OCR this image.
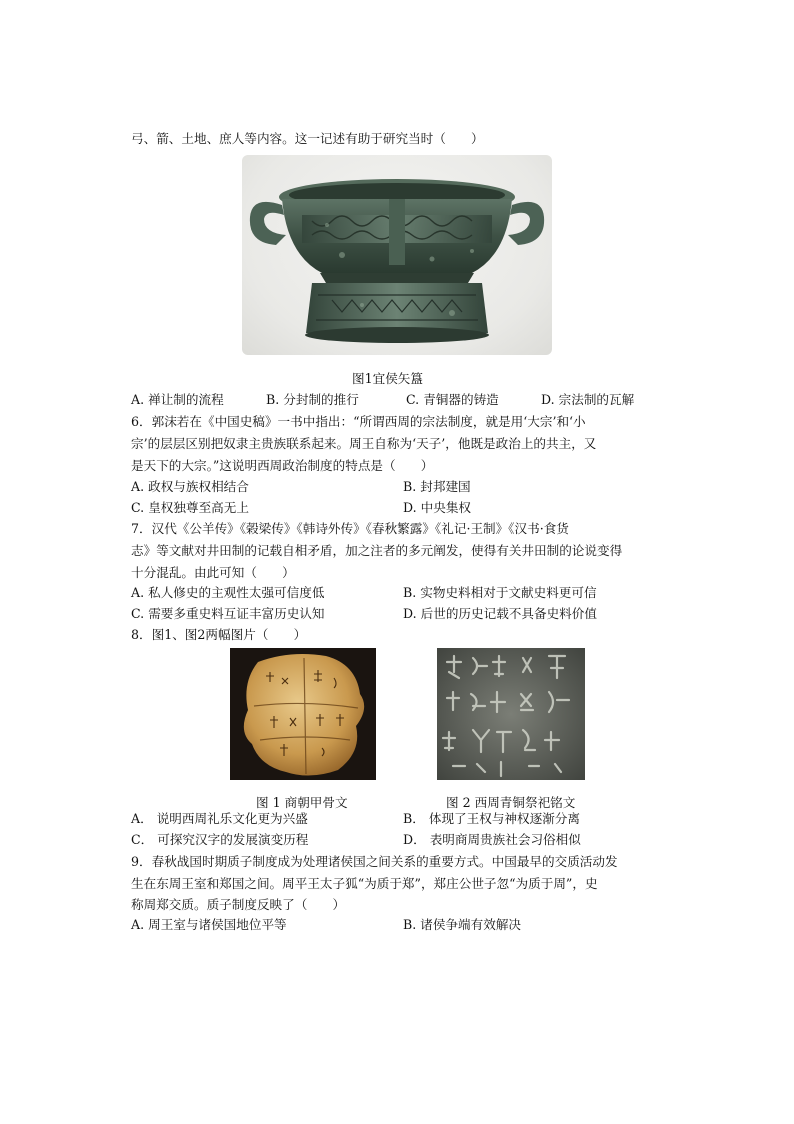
弓、箭、土地、庶人等内容。这一记述有助于研究当时（　　）
图1宜侯矢簋
A. 禅让制的流程	B. 分封制的推行	C. 青铜器的铸造	D. 宗法制的瓦解
6．郭沫若在《中国史稿》一书中指出：“所谓西周的宗法制度，就是用‘大宗’和‘小
宗’的层层区别把奴隶主贵族联系起来。周王自称为‘天子’，他既是政治上的共主，又
是天下的大宗。”这说明西周政治制度的特点是（　　）
A. 政权与族权相结合	B. 封邦建国
C. 皇权独尊至高无上	D. 中央集权
7．汉代《公羊传》《榖梁传》《韩诗外传》《春秋繁露》《礼记·王制》《汉书·食货
志》等文献对井田制的记载自相矛盾，加之注者的多元阐发，使得有关井田制的论说变得
十分混乱。由此可知（　　）
A. 私人修史的主观性太强可信度低	B. 实物史料相对于文献史料更可信
C. 需要多重史料互证丰富历史认知	D. 后世的历史记载不具备史料价值
8．图1、图2两幅图片（　　）
图 1 商朝甲骨文	图 2 西周青铜祭祀铭文
A． 说明西周礼乐文化更为兴盛	B． 体现了王权与神权逐渐分离
C． 可探究汉字的发展演变历程	D． 表明商周贵族社会习俗相似
9．春秋战国时期质子制度成为处理诸侯国之间关系的重要方式。中国最早的交质活动发
生在东周王室和郑国之间。周平王太子狐“为质于郑”，郑庄公世子忽“为质于周”，史
称周郑交质。质子制度反映了（　　）
A. 周王室与诸侯国地位平等	B. 诸侯争端有效解决
